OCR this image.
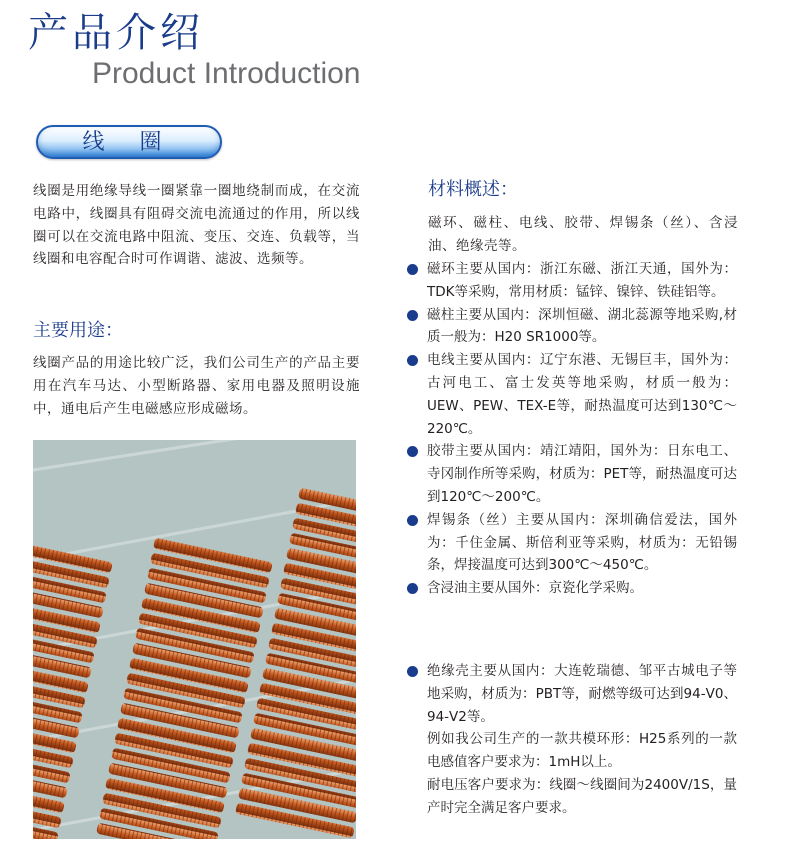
产品介绍
Product Introduction
线 圈
线圈是用绝缘导线一圈紧靠一圈地绕制而成，在交流电路中，线圈具有阻碍交流电流通过的作用，所以线圈可以在交流电路中阻流、变压、交连、负载等，当线圈和电容配合时可作调谐、滤波、选频等。
主要用途：
线圈产品的用途比较广泛，我们公司生产的产品主要用在汽车马达、小型断路器、家用电器及照明设施中，通电后产生电磁感应形成磁场。
材料概述：
磁环、磁柱、电线、胶带、焊锡条（丝）、含浸油、绝缘壳等。
磁环主要从国内：浙江东磁、浙江天通，国外为：TDK等采购，常用材质：锰锌、镍锌、铁硅铝等。
磁柱主要从国内：深圳恒磁、湖北蕊源等地采购,材质一般为：H20 SR1000等。
电线主要从国内：辽宁东港、无锡巨丰，国外为：古河电工、富士发英等地采购，材质一般为：UEW、PEW、TEX-E等，耐热温度可达到130℃～220℃。
胶带主要从国内：靖江靖阳，国外为：日东电工、寺冈制作所等采购，材质为：PET等，耐热温度可达到120℃～200℃。
焊锡条（丝）主要从国内：深圳确信爱法，国外为：千住金属、斯倍利亚等采购，材质为：无铅锡条，焊接温度可达到300℃～450℃。
含浸油主要从国外：京瓷化学采购。

绝缘壳主要从国内：大连乾瑞德、邹平古城电子等地采购，材质为：PBT等，耐燃等级可达到94-V0、94-V2等。

例如我公司生产的一款共模环形：H25系列的一款电感值客户要求为：1mH以上。

耐电压客户要求为：线圈～线圈间为2400V/1S，量产时完全满足客户要求。
